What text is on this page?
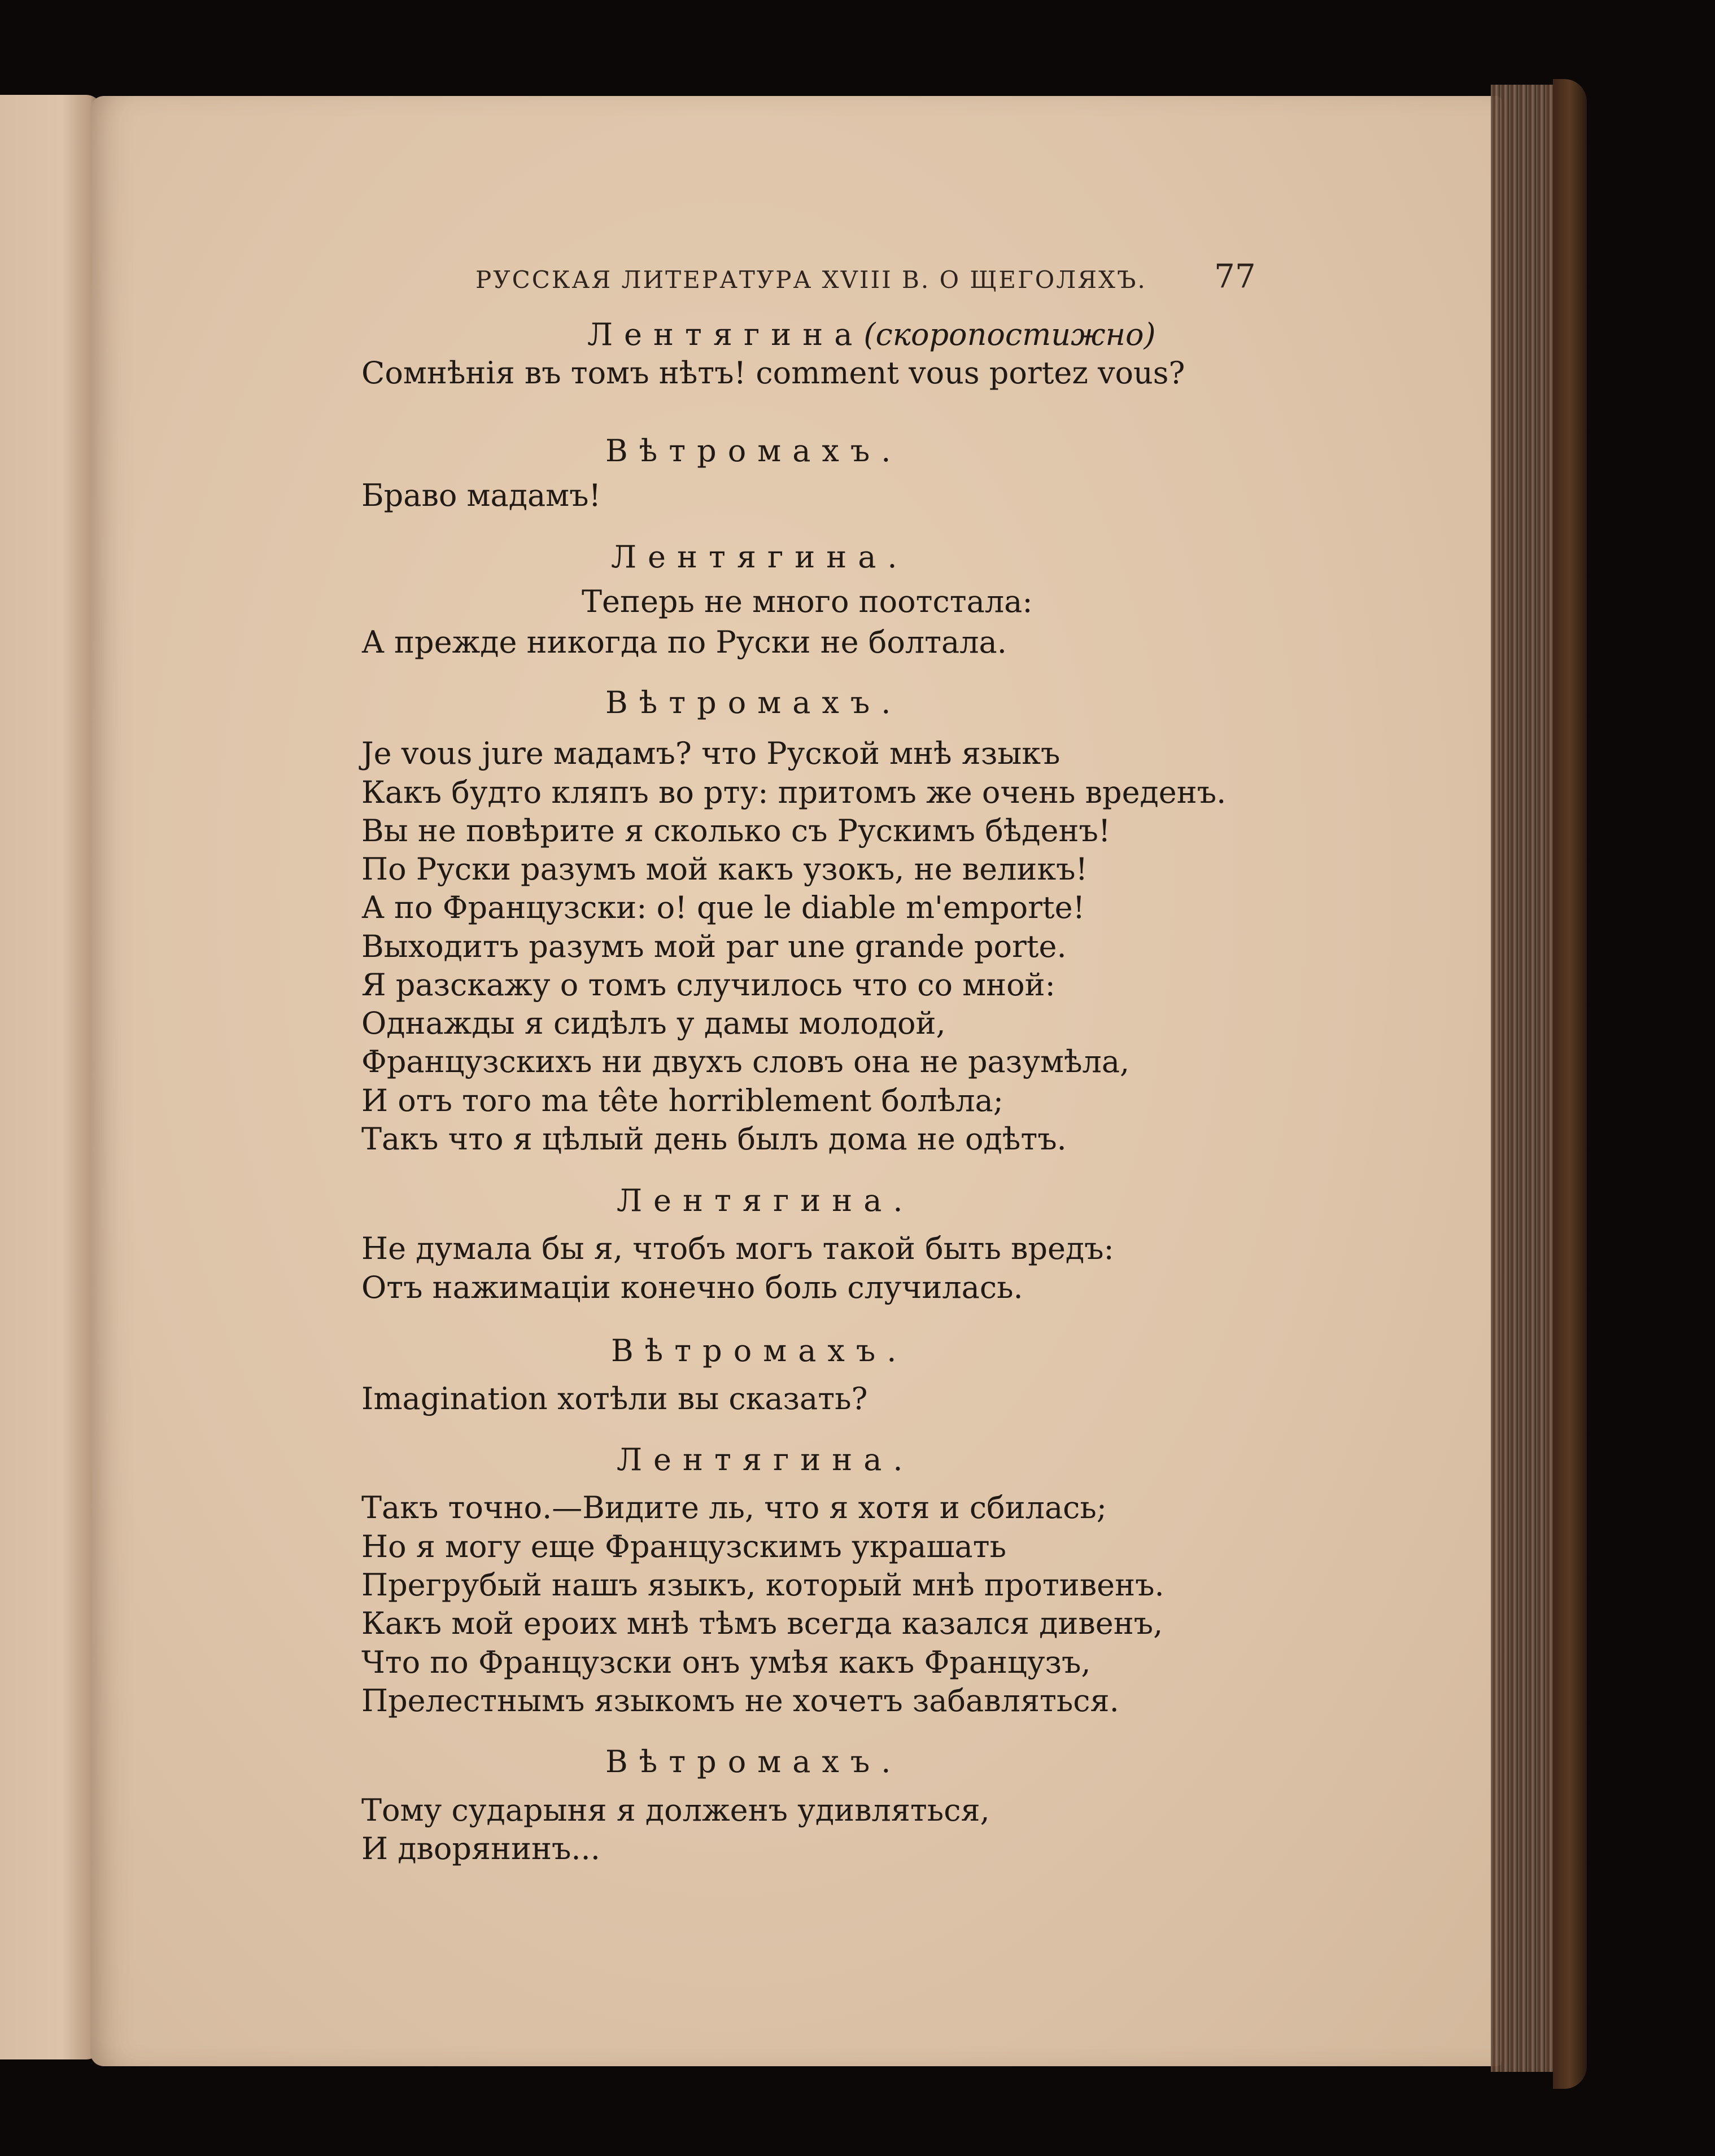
РУССКАЯ ЛИТЕРАТУРА XVIII В. О ЩЕГОЛЯХЪ. 77
Лентягина(скоропостижно)
Сомнѣнія въ томъ нѣтъ! comment vous portez vous?
Вѣтромахъ.
Браво мадамъ!
Лентягина.
Теперь не много поотстала:
А прежде никогда по Руски не болтала.
Вѣтромахъ.
Je vous jure мадамъ? что Руской мнѣ языкъ
Какъ будто кляпъ во рту: притомъ же очень вреденъ.
Вы не повѣрите я сколько съ Рускимъ бѣденъ!
По Руски разумъ мой какъ узокъ, не великъ!
А по Французски: о! que le diable m'emporte!
Выходитъ разумъ мой par une grande porte.
Я разскажу о томъ случилось что со мной:
Однажды я сидѣлъ у дамы молодой,
Французскихъ ни двухъ словъ она не разумѣла,
И отъ того ma tête horriblement болѣла;
Такъ что я цѣлый день былъ дома не одѣтъ.
Лентягина.
Не думала бы я, чтобъ могъ такой быть вредъ:
Отъ нажимаціи конечно боль случилась.
Вѣтромахъ.
Imagination хотѣли вы сказать?
Лентягина.
Такъ точно.—Видите ль, что я хотя и сбилась;
Но я могу еще Французскимъ украшать
Прегрубый нашъ языкъ, который мнѣ противенъ.
Какъ мой ероих мнѣ тѣмъ всегда казался дивенъ,
Что по Французски онъ умѣя какъ Французъ,
Прелестнымъ языкомъ не хочетъ забавляться.
Вѣтромахъ.
Тому сударыня я долженъ удивляться,
И дворянинъ...
